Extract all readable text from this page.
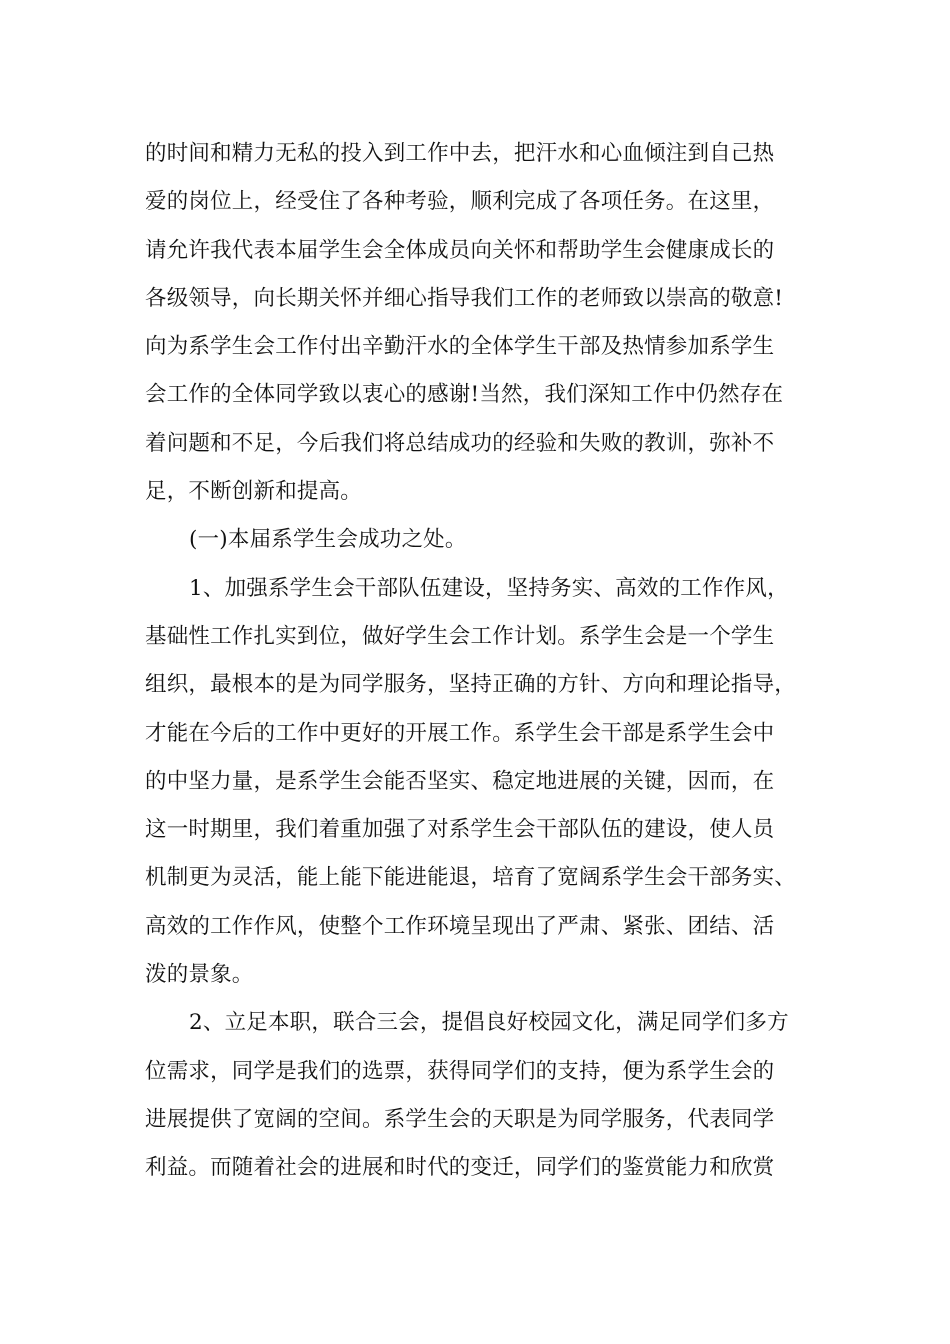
的时间和精力无私的投入到工作中去，把汗水和心血倾注到自己热
爱的岗位上，经受住了各种考验，顺利完成了各项任务。在这里，
请允许我代表本届学生会全体成员向关怀和帮助学生会健康成长的
各级领导，向长期关怀并细心指导我们工作的老师致以崇高的敬意!
向为系学生会工作付出辛勤汗水的全体学生干部及热情参加系学生
会工作的全体同学致以衷心的感谢!当然，我们深知工作中仍然存在
着问题和不足，今后我们将总结成功的经验和失败的教训，弥补不
足，不断创新和提高。
(一)本届系学生会成功之处。
1、加强系学生会干部队伍建设，坚持务实、高效的工作作风，
基础性工作扎实到位，做好学生会工作计划。系学生会是一个学生
组织，最根本的是为同学服务，坚持正确的方针、方向和理论指导，
才能在今后的工作中更好的开展工作。系学生会干部是系学生会中
的中坚力量，是系学生会能否坚实、稳定地进展的关键，因而，在
这一时期里，我们着重加强了对系学生会干部队伍的建设，使人员
机制更为灵活，能上能下能进能退，培育了宽阔系学生会干部务实、
高效的工作作风，使整个工作环境呈现出了严肃、紧张、团结、活
泼的景象。
2、立足本职，联合三会，提倡良好校园文化，满足同学们多方
位需求，同学是我们的选票，获得同学们的支持，便为系学生会的
进展提供了宽阔的空间。系学生会的天职是为同学服务，代表同学
利益。而随着社会的进展和时代的变迁，同学们的鉴赏能力和欣赏
